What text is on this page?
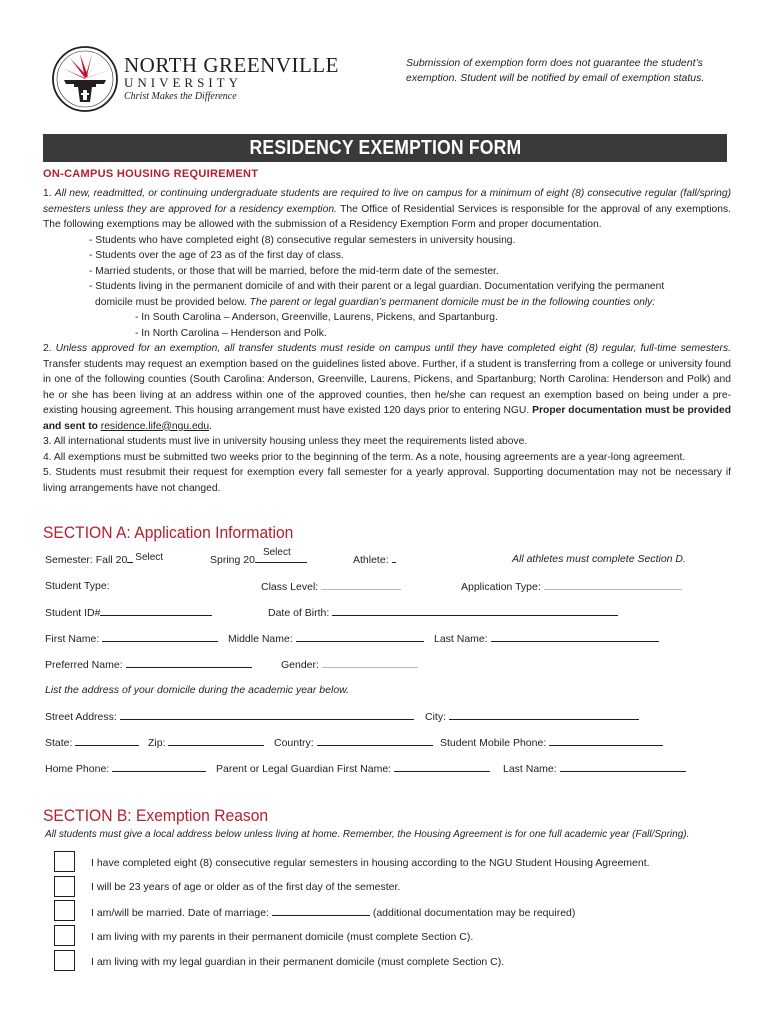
NORTH GREENVILLE
UNIVERSITY
Christ Makes the Difference
Submission of exemption form does not guarantee the student’s
exemption. Student will be notified by email of exemption status.
RESIDENCY EXEMPTION FORM
ON-CAMPUS HOUSING REQUIREMENT

1. All new, readmitted, or continuing undergraduate students are required to live on campus for a minimum of eight (8) consecutive regular (fall/spring) semesters unless they are approved for a residency exemption. The Office of Residential Services is responsible for the approval of any exemptions. The following exemptions may be allowed with the submission of a Residency Exemption Form and proper documentation.

- Students who have completed eight (8) consecutive regular semesters in university housing.
- Students over the age of 23 as of the first day of class.
- Married students, or those that will be married, before the mid-term date of the semester.
- Students living in the permanent domicile of and with their parent or a legal guardian. Documentation verifying the permanent
domicile must be provided below. The parent or legal guardian’s permanent domicile must be in the following counties only:
- In South Carolina – Anderson, Greenville, Laurens, Pickens, and Spartanburg.
- In North Carolina – Henderson and Polk.

2. Unless approved for an exemption, all transfer students must reside on campus until they have completed eight (8) regular, full-time semesters. Transfer students may request an exemption based on the guidelines listed above. Further, if a student is transferring from a college or university found in one of the following counties (South Carolina: Anderson, Greenville, Laurens, Pickens, and Spartanburg; North Carolina: Henderson and Polk) and he or she has been living at an address within one of the approved counties, then he/she can request an exemption based on being under a pre-existing housing agreement. This housing arrangement must have existed 120 days prior to entering NGU. Proper documentation must be provided and sent to residence.life@ngu.edu.

3. All international students must live in university housing unless they meet the requirements listed above.
4. All exemptions must be submitted two weeks prior to the beginning of the term. As a note, housing agreements are a year-long agreement.

5. Students must resubmit their request for exemption every fall semester for a yearly approval. Supporting documentation may not be necessary if living arrangements have not changed.

SECTION A: Application Information
Semester: Fall 20 Select	Spring 20
Select
Athlete:	All athletes must complete Section D.
Student Type:	Class Level:	Application Type:
Student ID#	Date of Birth:
First Name:	Middle Name:	Last Name:
Preferred Name:	Gender:
List the address of your domicile during the academic year below.
Street Address:	City:
State:	Zip:	Country:	Student Mobile Phone:
Home Phone:	Parent or Legal Guardian First Name:	Last Name:
SECTION B: Exemption Reason
All students must give a local address below unless living at home. Remember, the Housing Agreement is for one full academic year (Fall/Spring).
I have completed eight (8) consecutive regular semesters in housing according to the NGU Student Housing Agreement.
I will be 23 years of age or older as of the first day of the semester.
I am/will be married. Date of marriage:	(additional documentation may be required)
I am living with my parents in their permanent domicile (must complete Section C).
I am living with my legal guardian in their permanent domicile (must complete Section C).
